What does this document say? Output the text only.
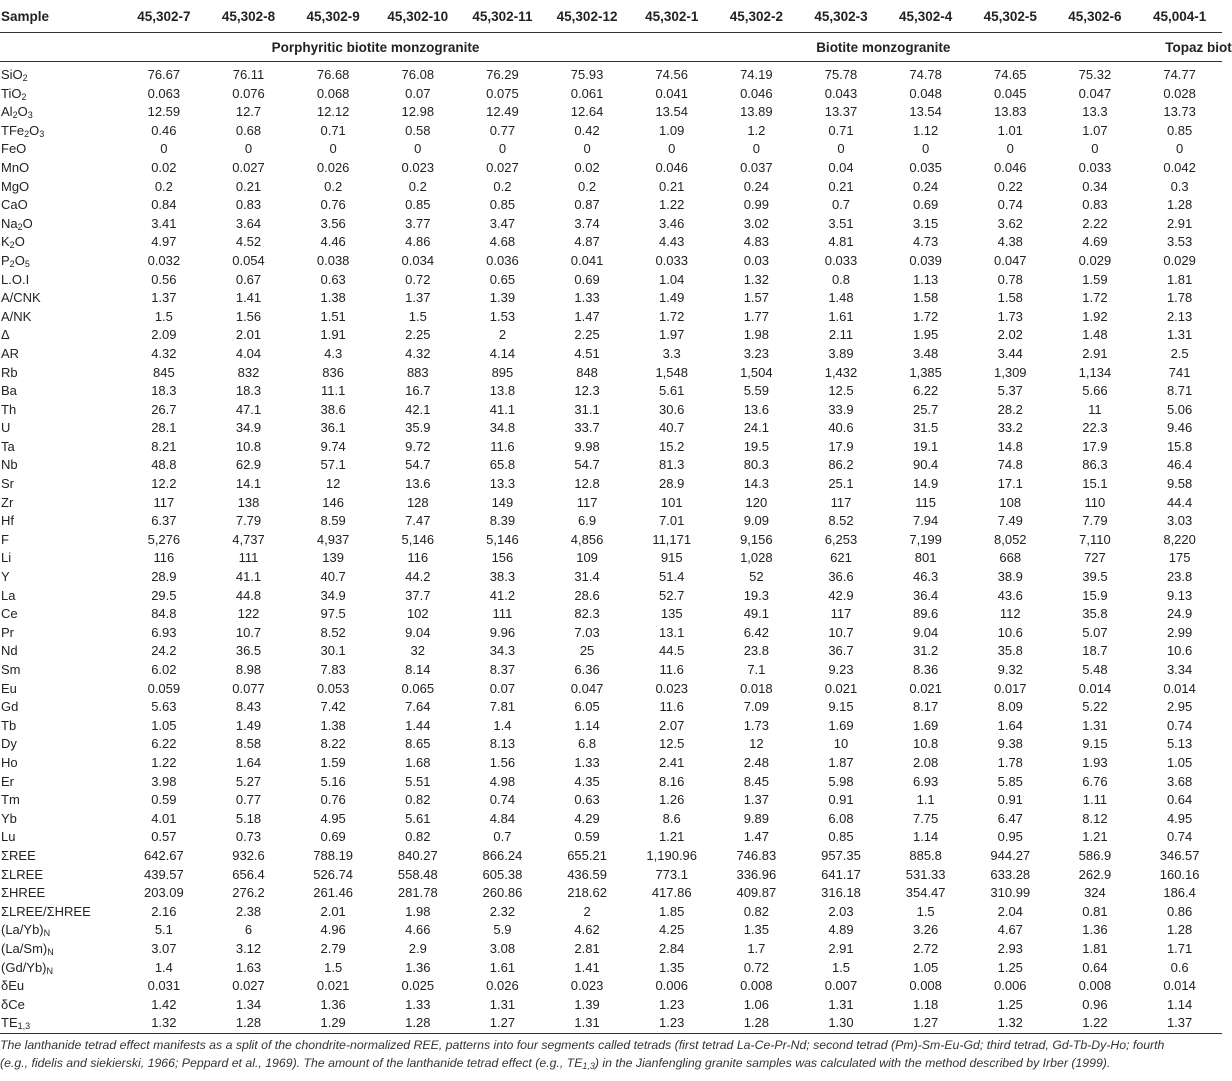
Sample	45,302-7	45,302-8	45,302-9	45,302-10	45,302-11	45,302-12	45,302-1	45,302-2	45,302-3	45,302-4	45,302-5	45,302-6	45,004-1
	Porphyritic biotite monzogranite						Biotite monzogranite						Topaz biot

SiO$_2$	76.67	76.11	76.68	76.08	76.29	75.93	74.56	74.19	75.78	74.78	74.65	75.32	74.77
TiO$_2$	0.063	0.076	0.068	0.07	0.075	0.061	0.041	0.046	0.043	0.048	0.045	0.047	0.028
$Al_2O_3$	12.59	12.7	12.12	12.98	12.49	12.64	13.54	13.89	13.37	13.54	13.83	13.3	13.73
$TFe_2O_3$	0.46	0.68	0.71	0.58	0.77	0.42	1.09	1.2	0.71	1.12	1.01	1.07	0.85
FeO	0	0	0	0	0	0	0	0	0	0	0	0	0
MnO	0.02	0.027	0.026	0.023	0.027	0.02	0.046	0.037	0.04	0.035	0.046	0.033	0.042
MgO	0.2	0.21	0.2	0.2	0.2	0.2	0.21	0.24	0.21	0.24	0.22	0.34	0.3
CaO	0.84	0.83	0.76	0.85	0.85	0.87	1.22	0.99	0.7	0.69	0.74	0.83	1.28
$Na_2O$	3.41	3.64	3.56	3.77	3.47	3.74	3.46	3.02	3.51	3.15	3.62	2.22	2.91
$K_2O$	4.97	4.52	4.46	4.86	4.68	4.87	4.43	4.83	4.81	4.73	4.38	4.69	3.53
$P_2O_5$	0.032	0.054	0.038	0.034	0.036	0.041	0.033	0.03	0.033	0.039	0.047	0.029	0.029
L.O.I	0.56	0.67	0.63	0.72	0.65	0.69	1.04	1.32	0.8	1.13	0.78	1.59	1.81
A/CNK	1.37	1.41	1.38	1.37	1.39	1.33	1.49	1.57	1.48	1.58	1.58	1.72	1.78
A/NK	1.5	1.56	1.51	1.5	1.53	1.47	1.72	1.77	1.61	1.72	1.73	1.92	2.13
Δ	2.09	2.01	1.91	2.25	2	2.25	1.97	1.98	2.11	1.95	2.02	1.48	1.31
AR	4.32	4.04	4.3	4.32	4.14	4.51	3.3	3.23	3.89	3.48	3.44	2.91	2.5
Rb	845	832	836	883	895	848	1,548	1,504	1,432	1,385	1,309	1,134	741
Ba	18.3	18.3	11.1	16.7	13.8	12.3	5.61	5.59	12.5	6.22	5.37	5.66	8.71
Th	26.7	47.1	38.6	42.1	41.1	31.1	30.6	13.6	33.9	25.7	28.2	11	5.06
U	28.1	34.9	36.1	35.9	34.8	33.7	40.7	24.1	40.6	31.5	33.2	22.3	9.46
Ta	8.21	10.8	9.74	9.72	11.6	9.98	15.2	19.5	17.9	19.1	14.8	17.9	15.8
Nb	48.8	62.9	57.1	54.7	65.8	54.7	81.3	80.3	86.2	90.4	74.8	86.3	46.4
Sr	12.2	14.1	12	13.6	13.3	12.8	28.9	14.3	25.1	14.9	17.1	15.1	9.58
Zr	117	138	146	128	149	117	101	120	117	115	108	110	44.4
Hf	6.37	7.79	8.59	7.47	8.39	6.9	7.01	9.09	8.52	7.94	7.49	7.79	3.03
F	5,276	4,737	4,937	5,146	5,146	4,856	11,171	9,156	6,253	7,199	8,052	7,110	8,220
Li	116	111	139	116	156	109	915	1,028	621	801	668	727	175
Y	28.9	41.1	40.7	44.2	38.3	31.4	51.4	52	36.6	46.3	38.9	39.5	23.8
La	29.5	44.8	34.9	37.7	41.2	28.6	52.7	19.3	42.9	36.4	43.6	15.9	9.13
Ce	84.8	122	97.5	102	111	82.3	135	49.1	117	89.6	112	35.8	24.9
Pr	6.93	10.7	8.52	9.04	9.96	7.03	13.1	6.42	10.7	9.04	10.6	5.07	2.99
Nd	24.2	36.5	30.1	32	34.3	25	44.5	23.8	36.7	31.2	35.8	18.7	10.6
Sm	6.02	8.98	7.83	8.14	8.37	6.36	11.6	7.1	9.23	8.36	9.32	5.48	3.34
Eu	0.059	0.077	0.053	0.065	0.07	0.047	0.023	0.018	0.021	0.021	0.017	0.014	0.014
Gd	5.63	8.43	7.42	7.64	7.81	6.05	11.6	7.09	9.15	8.17	8.09	5.22	2.95
Tb	1.05	1.49	1.38	1.44	1.4	1.14	2.07	1.73	1.69	1.69	1.64	1.31	0.74
Dy	6.22	8.58	8.22	8.65	8.13	6.8	12.5	12	10	10.8	9.38	9.15	5.13
Ho	1.22	1.64	1.59	1.68	1.56	1.33	2.41	2.48	1.87	2.08	1.78	1.93	1.05
Er	3.98	5.27	5.16	5.51	4.98	4.35	8.16	8.45	5.98	6.93	5.85	6.76	3.68
Tm	0.59	0.77	0.76	0.82	0.74	0.63	1.26	1.37	0.91	1.1	0.91	1.11	0.64
Yb	4.01	5.18	4.95	5.61	4.84	4.29	8.6	9.89	6.08	7.75	6.47	8.12	4.95
Lu	0.57	0.73	0.69	0.82	0.7	0.59	1.21	1.47	0.85	1.14	0.95	1.21	0.74
ΣREE	642.67	932.6	788.19	840.27	866.24	655.21	1,190.96	746.83	957.35	885.8	944.27	586.9	346.57
ΣLREE	439.57	656.4	526.74	558.48	605.38	436.59	773.1	336.96	641.17	531.33	633.28	262.9	160.16
ΣHREE	203.09	276.2	261.46	281.78	260.86	218.62	417.86	409.87	316.18	354.47	310.99	324	186.4
ΣLREE/ΣHREE	2.16	2.38	2.01	1.98	2.32	2	1.85	0.82	2.03	1.5	2.04	0.81	0.86
$(La/Yb)_N$	5.1	6	4.96	4.66	5.9	4.62	4.25	1.35	4.89	3.26	4.67	1.36	1.28
$(La/Sm)_N$	3.07	3.12	2.79	2.9	3.08	2.81	2.84	1.7	2.91	2.72	2.93	1.81	1.71
$(Gd/Yb)_N$	1.4	1.63	1.5	1.36	1.61	1.41	1.35	0.72	1.5	1.05	1.25	0.64	0.6
δEu	0.031	0.027	0.021	0.025	0.026	0.023	0.006	0.008	0.007	0.008	0.006	0.008	0.014
δCe	1.42	1.34	1.36	1.33	1.31	1.39	1.23	1.06	1.31	1.18	1.25	0.96	1.14
$TE_{1,3}$	1.32	1.28	1.29	1.28	1.27	1.31	1.23	1.28	1.30	1.27	1.32	1.22	1.37
The lanthanide tetrad effect manifests as a split of the chondrite-normalized REE, patterns into four segments called tetrads (first tetrad La-Ce-Pr-Nd; second tetrad (Pm)-Sm-Eu-Gd; third tetrad, Gd-Tb-Dy-Ho; fourth
(e.g., fidelis and siekierski, 1966; Peppard et al., 1969). The amount of the lanthanide tetrad effect (e.g., $TE_{1,3}$) in the Jianfengling granite samples was calculated with the method described by Irber (1999).
